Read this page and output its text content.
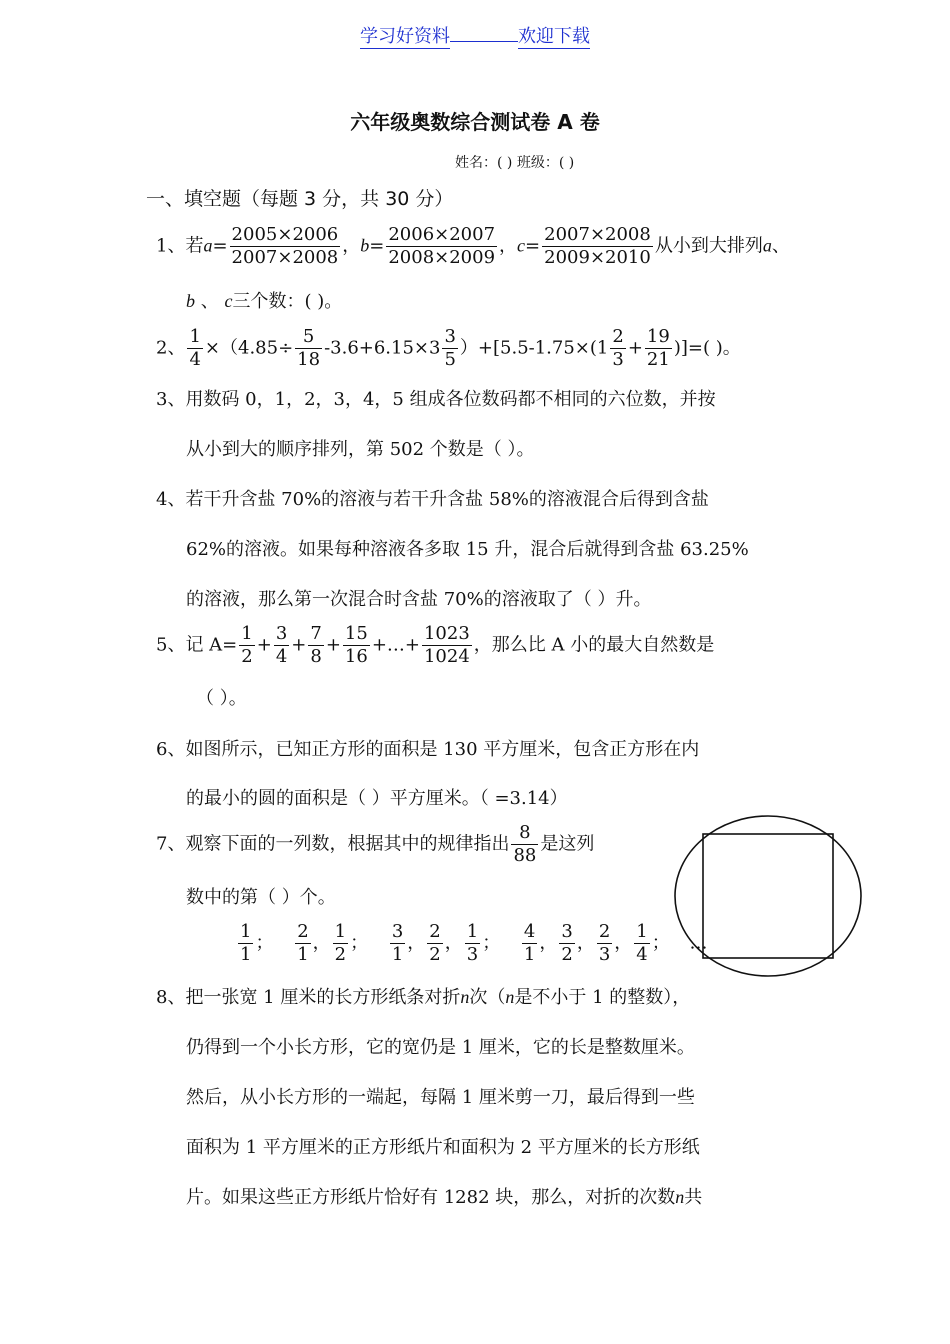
学习好资料	欢迎下载
六年级奥数综合测试卷 A 卷
姓名：( ) 班级：( )
一、填空题（每题 3 分，共 30 分）
1、若$a= \frac{2005\times 2006}{2007\times 2008}$ ，$b= \frac{2006\times 2007}{2008\times 2009}$ ，$c= \frac{2007\times 2008}{2009\times 2010}$ 从小到大排列a、
b 、 c三个数：( )。
2、 $\frac{1}{4} \times(4.85\div \frac{5}{18} -3.6+6.15\times 3 \frac{3}{5} )+[5.5-1.75\times(1 \frac{2}{3} + \frac{19}{21}$ )]=( )。
3、用数码 0，1，2，3，4，5 组成各位数码都不相同的六位数，并按
从小到大的顺序排列，第 502 个数是（ ）。
4、若干升含盐 70%的溶液与若干升含盐 58%的溶液混合后得到含盐
62%的溶液。如果每种溶液各多取 15 升，混合后就得到含盐 63.25%
的溶液，那么第一次混合时含盐 70%的溶液取了（ ）升。
5、记 $A= \frac{1}{2} + \frac{3}{4} + \frac{7}{8} + \frac{15}{16}$ +…+ $\frac{1023}{1024}$ ，那么比 A 小的最大自然数是
（ ）。
6、如图所示，已知正方形的面积是 130 平方厘米，包含正方形在内
的最小的圆的面积是（ ）平方厘米。（ =3.14）
7、观察下面的一列数，根据其中的规律指出 $\frac{8}{88}$ 是这列
数中的第（ ）个。
$\frac{1}{1}$ ； $\frac{2}{1}$ ， $\frac{1}{2}$ ； $\frac{3}{1}$ ， $\frac{2}{2}$ ， $\frac{1}{3}$ ； $\frac{4}{1}$ ， $\frac{3}{2}$ ， $\frac{2}{3}$ ， $\frac{1}{4}$ ； …
8、把一张宽 1 厘米的长方形纸条对折n次（n是不小于 1 的整数），
仍得到一个小长方形，它的宽仍是 1 厘米，它的长是整数厘米。
然后，从小长方形的一端起，每隔 1 厘米剪一刀，最后得到一些
面积为 1 平方厘米的正方形纸片和面积为 2 平方厘米的长方形纸
片。如果这些正方形纸片恰好有 1282 块，那么，对折的次数n共
